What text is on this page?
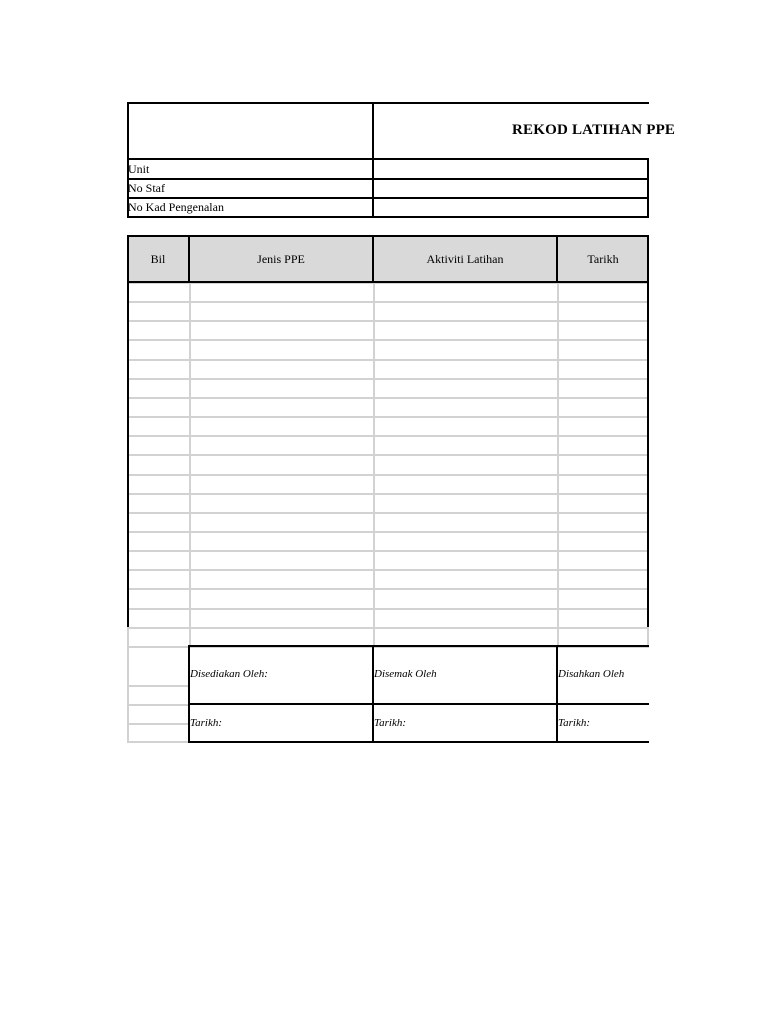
REKOD LATIHAN PPE
Unit
No Staf
No Kad Pengenalan
Bil	Jenis PPE	Aktiviti Latihan	Tarikh
Disediakan Oleh:	Disemak Oleh	Disahkan Oleh
Tarikh:	Tarikh:	Tarikh:
